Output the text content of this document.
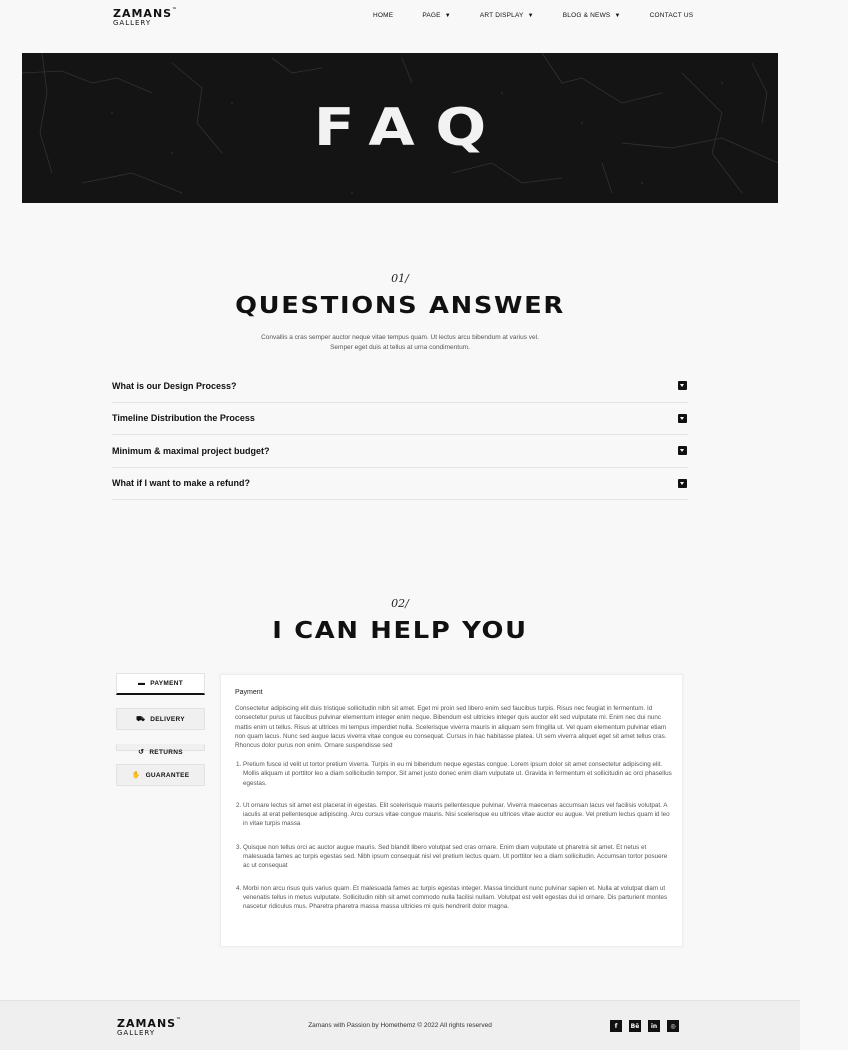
ZAMANS™
GALLERY
HOME	PAGE ▼	ART DISPLAY ▼	BLOG & NEWS ▼	CONTACT US
FAQ
01/
QUESTIONS ANSWER
Convallis a cras semper auctor neque vitae tempus quam. Ut lectus arcu bibendum at varius vel. Semper eget duis at tellus at urna condimentum.
What is our Design Process?
Timeline Distribution the Process
Minimum & maximal project budget?
What if I want to make a refund?
02/
I CAN HELP YOU
▬ PAYMENT
⛟ DELIVERY
↺ RETURNS
✋ GUARANTEE
Payment
Consectetur adipiscing elit duis tristique sollicitudin nibh sit amet. Eget mi proin sed libero enim sed faucibus turpis. Risus nec feugiat in fermentum. Id consectetur purus ut faucibus pulvinar elementum integer enim neque. Bibendum est ultricies integer quis auctor elit sed vulputate mi. Enim nec dui nunc mattis enim ut tellus. Risus at ultrices mi tempus imperdiet nulla. Scelerisque viverra mauris in aliquam sem fringilla ut. Vel quam elementum pulvinar etiam non quam lacus. Nunc sed augue lacus viverra vitae congue eu consequat. Cursus in hac habitasse platea. Ut sem viverra aliquet eget sit amet tellus cras. Rhoncus dolor purus non enim. Ornare suspendisse sed
1. Pretium fusce id velit ut tortor pretium viverra. Turpis in eu mi bibendum neque egestas congue. Lorem ipsum dolor sit amet consectetur adipiscing elit. Mollis aliquam ut porttitor leo a diam sollicitudin tempor. Sit amet justo donec enim diam vulputate ut. Gravida in fermentum et sollicitudin ac orci phasellus egestas.
2. Ut ornare lectus sit amet est placerat in egestas. Elit scelerisque mauris pellentesque pulvinar. Viverra maecenas accumsan lacus vel facilisis volutpat. A iaculis at erat pellentesque adipiscing. Arcu cursus vitae congue mauris. Nisi scelerisque eu ultrices vitae auctor eu augue. Vel pretium lectus quam id leo in vitae turpis massa
3. Quisque non tellus orci ac auctor augue mauris. Sed blandit libero volutpat sed cras ornare. Enim diam vulputate ut pharetra sit amet. Et netus et malesuada fames ac turpis egestas sed. Nibh ipsum consequat nisl vel pretium lectus quam. Ut porttitor leo a diam sollicitudin. Accumsan tortor posuere ac ut consequat
4. Morbi non arcu risus quis varius quam. Et malesuada fames ac turpis egestas integer. Massa tincidunt nunc pulvinar sapien et. Nulla at volutpat diam ut venenatis tellus in metus vulputate. Sollicitudin nibh sit amet commodo nulla facilisi nullam. Volutpat est velit egestas dui id ornare. Dis parturient montes nascetur ridiculus mus. Pharetra pharetra massa massa ultricies mi quis hendrerit dolor magna.
ZAMANS™
GALLERY
Zamans with Passion by Homethemz © 2022 All rights reserved	f	Bē	in	◎
